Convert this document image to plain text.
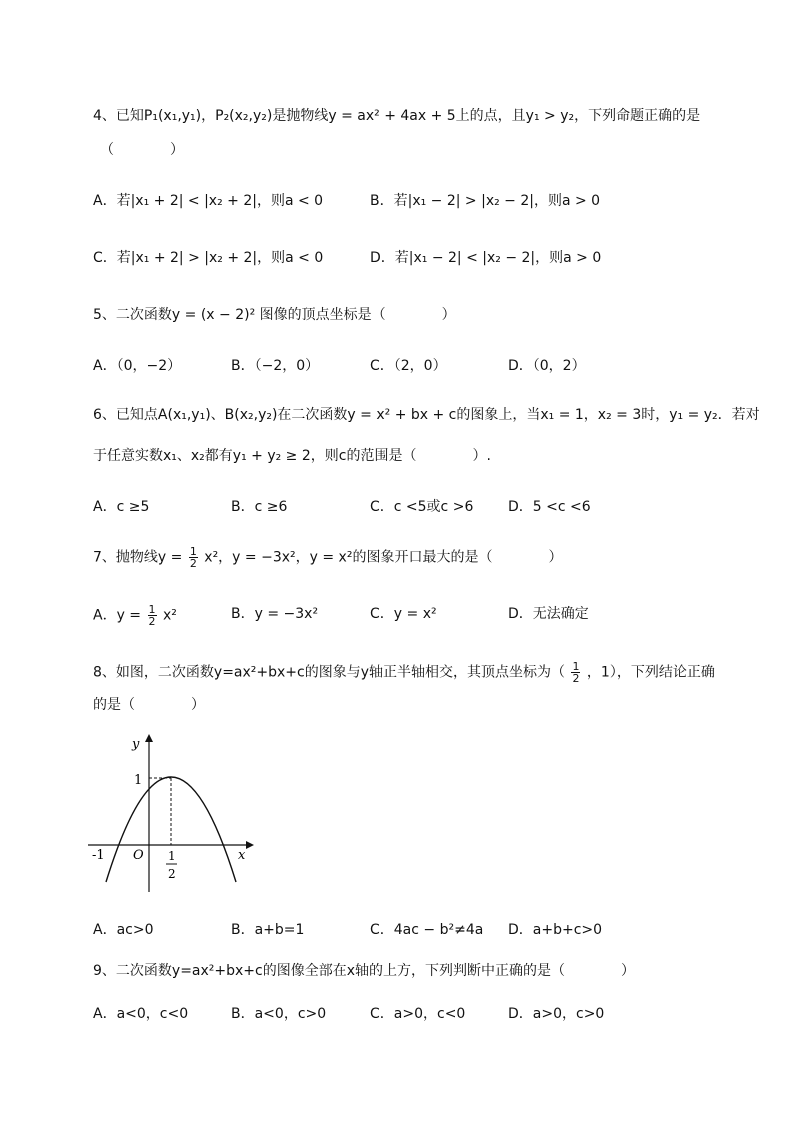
4、已知P₁(x₁,y₁)，P₂(x₂,y₂)是抛物线y = ax² + 4ax + 5上的点，且y₁ > y₂，下列命题正确的是
（　　　　）
A．若|x₁ + 2| < |x₂ + 2|，则a < 0	B．若|x₁ − 2| > |x₂ − 2|，则a > 0
C．若|x₁ + 2| > |x₂ + 2|，则a < 0	D．若|x₁ − 2| < |x₂ − 2|，则a > 0
5、二次函数y = (x − 2)² 图像的顶点坐标是（　　　　）
A．（0，−2）	B．（−2，0）	C．（2，0）	D．（0，2）
6、已知点A(x₁,y₁)、B(x₂,y₂)在二次函数y = x² + bx + c的图象上，当x₁ = 1，x₂ = 3时，y₁ = y₂．若对
于任意实数x₁、x₂都有y₁ + y₂ ≥ 2，则c的范围是（　　　　）.
A．c ≥5	B．c ≥6	C．c <5或c >6 D．5 <c <6
7、抛物线$y = \frac{1}{2} x^2$，y = −3x²，y = x²的图象开口最大的是（　　　　）
A．$y = \frac{1}{2} x^2$	B．y = −3x²	C．y = x²	D．无法确定
8、如图，二次函数y=ax²+bx+c的图象与y轴正半轴相交，其顶点坐标为（ $\frac{1}{2}$ ，1），下列结论正确
的是（　　　　）
y
x
1
O
-1	1
2
A．ac>0	B．a+b=1	C．4ac − b²≠4a D．a+b+c>0
9、二次函数y=ax²+bx+c的图像全部在x轴的上方，下列判断中正确的是（　　　　）
A．a<0，c<0	B．a<0，c>0	C．a>0，c<0	D．a>0，c>0
